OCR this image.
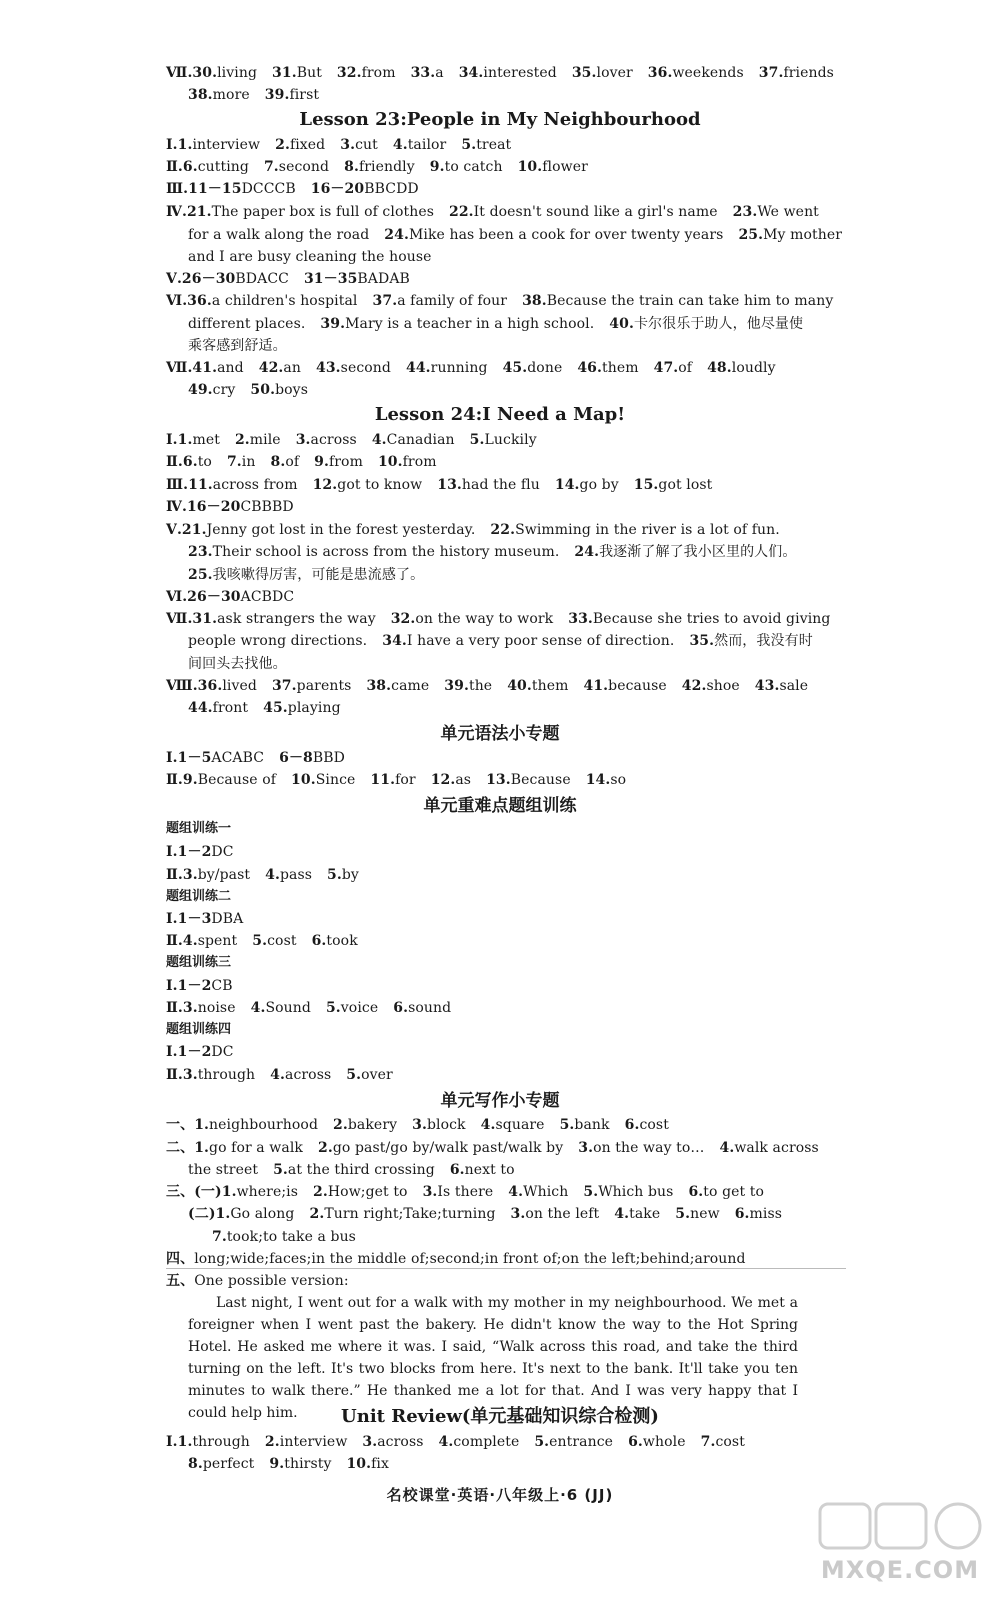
Ⅶ.30.living 31.But 32.from 33.a 34.interested 35.lover 36.weekends 37.friends
38.more 39.first
Lesson 23:People in My Neighbourhood
Ⅰ.1.interview 2.fixed 3.cut 4.tailor 5.treat
Ⅱ.6.cutting 7.second 8.friendly 9.to catch 10.flower
Ⅲ.11－15DCCCB 16－20BBCDD
Ⅳ.21.The paper box is full of clothes 22.It doesn't sound like a girl's name 23.We went
for a walk along the road 24.Mike has been a cook for over twenty years 25.My mother
and I are busy cleaning the house
Ⅴ.26－30BDACC 31－35BADAB
Ⅵ.36.a children's hospital 37.a family of four 38.Because the train can take him to many
different places. 39.Mary is a teacher in a high school. 40.卡尔很乐于助人，他尽量使
乘客感到舒适。
Ⅶ.41.and 42.an 43.second 44.running 45.done 46.them 47.of 48.loudly
49.cry 50.boys
Lesson 24:I Need a Map!
Ⅰ.1.met 2.mile 3.across 4.Canadian 5.Luckily
Ⅱ.6.to 7.in 8.of 9.from 10.from
Ⅲ.11.across from 12.got to know 13.had the flu 14.go by 15.got lost
Ⅳ.16－20CBBBD
Ⅴ.21.Jenny got lost in the forest yesterday. 22.Swimming in the river is a lot of fun.
23.Their school is across from the history museum. 24.我逐渐了解了我小区里的人们。
25.我咳嗽得厉害，可能是患流感了。
Ⅵ.26－30ACBDC
Ⅶ.31.ask strangers the way 32.on the way to work 33.Because she tries to avoid giving
people wrong directions. 34.I have a very poor sense of direction. 35.然而，我没有时
间回头去找他。
Ⅷ.36.lived 37.parents 38.came 39.the 40.them 41.because 42.shoe 43.sale
44.front 45.playing
单元语法小专题
Ⅰ.1－5ACABC 6－8BBD
Ⅱ.9.Because of 10.Since 11.for 12.as 13.Because 14.so
单元重难点题组训练
题组训练一
Ⅰ.1－2DC
Ⅱ.3.by/past 4.pass 5.by
题组训练二
Ⅰ.1－3DBA
Ⅱ.4.spent 5.cost 6.took
题组训练三
Ⅰ.1－2CB
Ⅱ.3.noise 4.Sound 5.voice 6.sound
题组训练四
Ⅰ.1－2DC
Ⅱ.3.through 4.across 5.over
单元写作小专题
一、1.neighbourhood 2.bakery 3.block 4.square 5.bank 6.cost
二、1.go for a walk 2.go past/go by/walk past/walk by 3.on the way to… 4.walk across
the street 5.at the third crossing 6.next to
三、(一)1.where;is 2.How;get to 3.Is there 4.Which 5.Which bus 6.to get to
(二)1.Go along 2.Turn right;Take;turning 3.on the left 4.take 5.new 6.miss
7.took;to take a bus
四、long;wide;faces;in the middle of;second;in front of;on the left;behind;around
五、One possible version:
Last night, I went out for a walk with my mother in my neighbourhood. We met a foreigner when I went past the bakery. He didn't know the way to the Hot Spring Hotel. He asked me where it was. I said, “Walk across this road, and take the third turning on the left. It's two blocks from here. It's next to the bank. It'll take you ten minutes to walk there.” He thanked me a lot for that. And I was very happy that I could help him.	Unit Review(单元基础知识综合检测)
Ⅰ.1.through 2.interview 3.across 4.complete 5.entrance 6.whole 7.cost
8.perfect 9.thirsty 10.fix
名校课堂·英语·八年级上·6 (JJ)
MXQE.COM
